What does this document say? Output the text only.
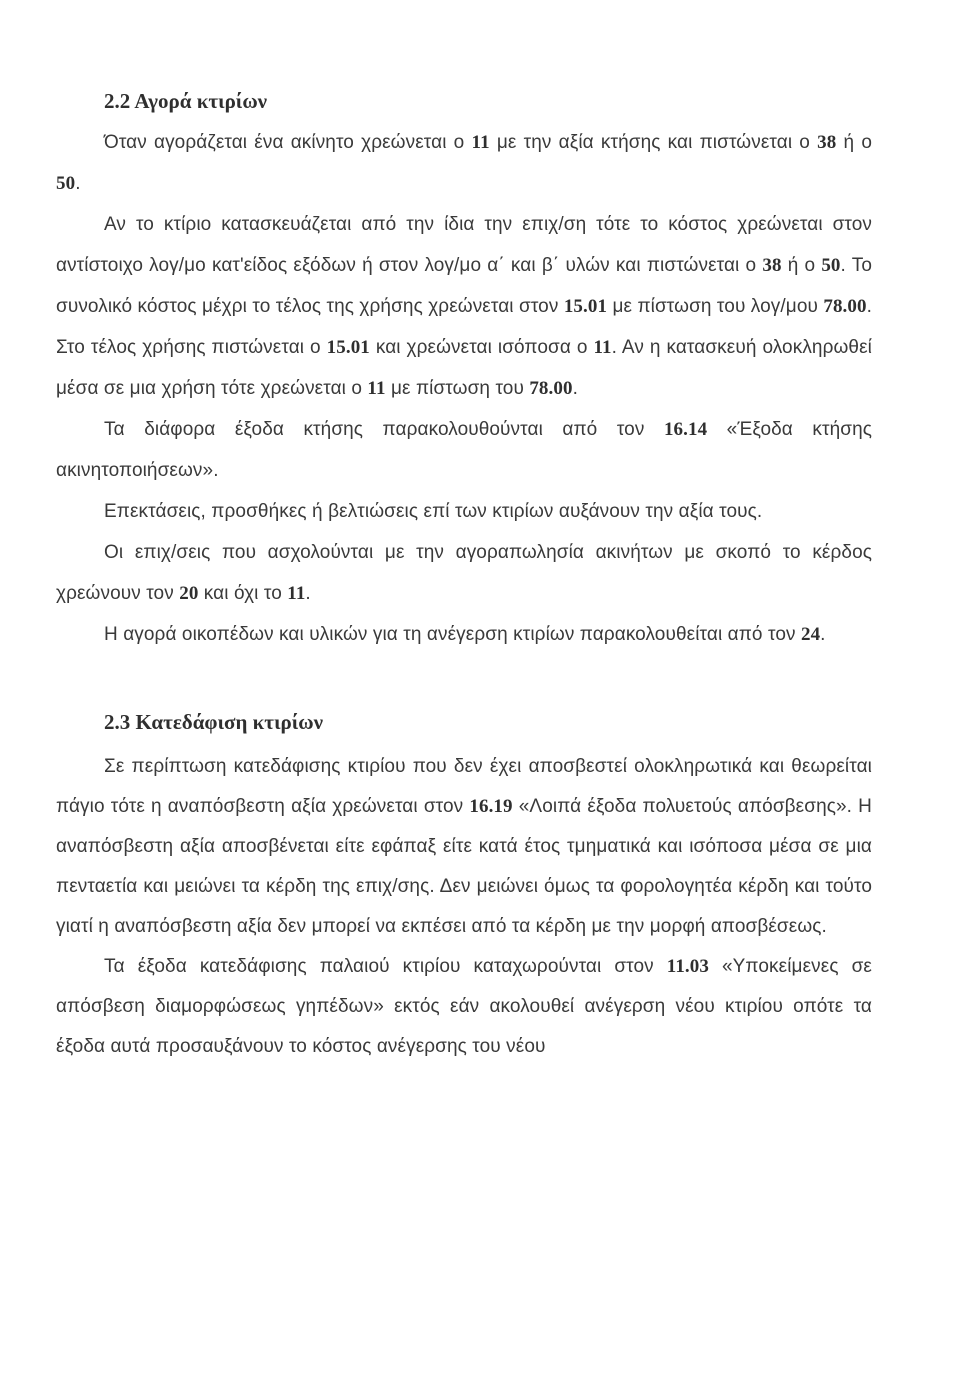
2.2 Αγορά κτιρίων

Όταν αγοράζεται ένα ακίνητο χρεώνεται ο 11 με την αξία κτήσης και πιστώνεται ο 38 ή ο 50.

Αν το κτίριο κατασκευάζεται από την ίδια την επιχ/ση τότε το κόστος χρεώνεται στον αντίστοιχο λογ/μο κατ'είδος εξόδων ή στον λογ/μο α΄ και β΄ υλών και πιστώνεται ο 38 ή ο 50. Το συνολικό κόστος μέχρι το τέλος της χρήσης χρεώνεται στον 15.01 με πίστωση του λογ/μου 78.00. Στο τέλος χρήσης πιστώνεται ο 15.01 και χρεώνεται ισόποσα ο 11. Αν η κατασκευή ολοκληρωθεί μέσα σε μια χρήση τότε χρεώνεται ο 11 με πίστωση του 78.00.

Τα διάφορα έξοδα κτήσης παρακολουθούνται από τον 16.14 «Έξοδα κτήσης ακινητοποιήσεων».

Επεκτάσεις, προσθήκες ή βελτιώσεις επί των κτιρίων αυξάνουν την αξία τους.

Οι επιχ/σεις που ασχολούνται με την αγοραπωλησία ακινήτων με σκοπό το κέρδος χρεώνουν τον 20 και όχι το 11.

Η αγορά οικοπέδων και υλικών για τη ανέγερση κτιρίων παρακολουθείται από τον 24.

2.3 Κατεδάφιση κτιρίων

Σε περίπτωση κατεδάφισης κτιρίου που δεν έχει αποσβεστεί ολοκληρωτικά και θεωρείται πάγιο τότε η αναπόσβεστη αξία χρεώνεται στον 16.19 «Λοιπά έξοδα πολυετούς απόσβεσης». Η αναπόσβεστη αξία αποσβένεται είτε εφάπαξ είτε κατά έτος τμηματικά και ισόποσα μέσα σε μια πενταετία και μειώνει τα κέρδη της επιχ/σης. Δεν μειώνει όμως τα φορολογητέα κέρδη και τούτο γιατί η αναπόσβεστη αξία δεν μπορεί να εκπέσει από τα κέρδη με την μορφή αποσβέσεως.

Τα έξοδα κατεδάφισης παλαιού κτιρίου καταχωρούνται στον 11.03 «Υποκείμενες σε απόσβεση διαμορφώσεως γηπέδων» εκτός εάν ακολουθεί ανέγερση νέου κτιρίου οπότε τα έξοδα αυτά προσαυξάνουν το κόστος ανέγερσης του νέου
